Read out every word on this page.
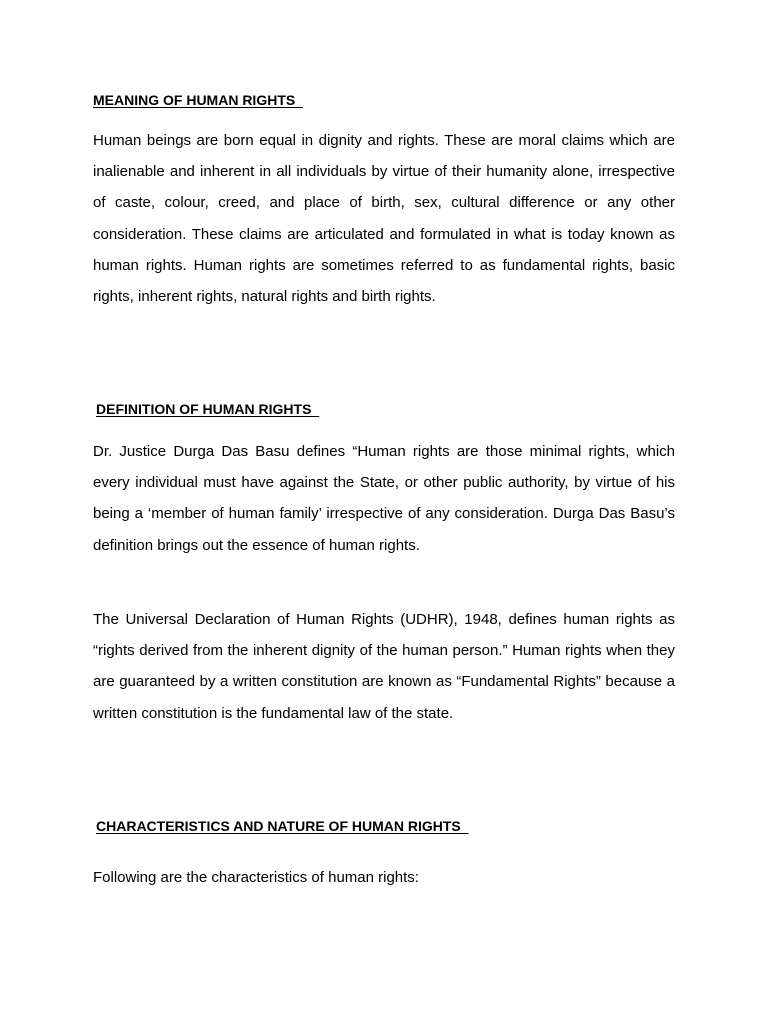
MEANING OF HUMAN RIGHTS

Human beings are born equal in dignity and rights. These are moral claims which are inalienable and inherent in all individuals by virtue of their humanity alone, irrespective of caste, colour, creed, and place of birth, sex, cultural difference or any other consideration. These claims are articulated and formulated in what is today known as human rights. Human rights are sometimes referred to as fundamental rights, basic rights, inherent rights, natural rights and birth rights.

DEFINITION OF HUMAN RIGHTS

Dr. Justice Durga Das Basu defines “Human rights are those minimal rights, which every individual must have against the State, or other public authority, by virtue of his being a ‘member of human family’ irrespective of any consideration. Durga Das Basu’s definition brings out the essence of human rights.

The Universal Declaration of Human Rights (UDHR), 1948, defines human rights as “rights derived from the inherent dignity of the human person.” Human rights when they are guaranteed by a written constitution are known as “Fundamental Rights” because a written constitution is the fundamental law of the state.

CHARACTERISTICS AND NATURE OF HUMAN RIGHTS

Following are the characteristics of human rights:
